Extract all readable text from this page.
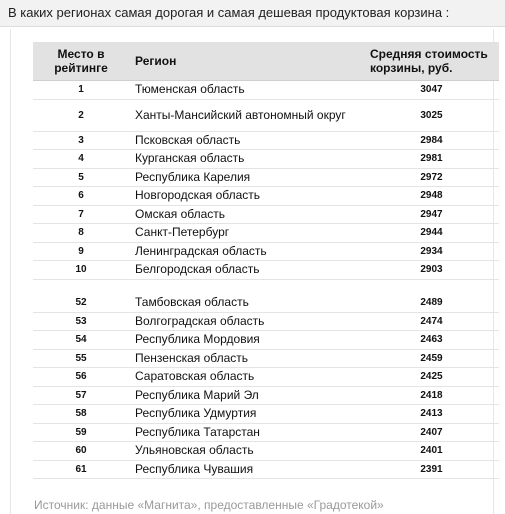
В каких регионах самая дорогая и самая дешевая продуктовая корзина :
Место в рейтинге	Регион	Средняя стоимость корзины, руб.
1	Тюменская область	3047
2	Ханты-Мансийский автономный округ	3025
3	Псковская область	2984
4	Курганская область	2981
5	Республика Карелия	2972
6	Новгородская область	2948
7	Омская область	2947
8	Санкт-Петербург	2944
9	Ленинградская область	2934
10	Белгородская область	2903
52	Тамбовская область	2489
53	Волгоградская область	2474
54	Республика Мордовия	2463
55	Пензенская область	2459
56	Саратовская область	2425
57	Республика Марий Эл	2418
58	Республика Удмуртия	2413
59	Республика Татарстан	2407
60	Ульяновская область	2401
61	Республика Чувашия	2391
Источник: данные «Магнита», предоставленные «Градотекой»
